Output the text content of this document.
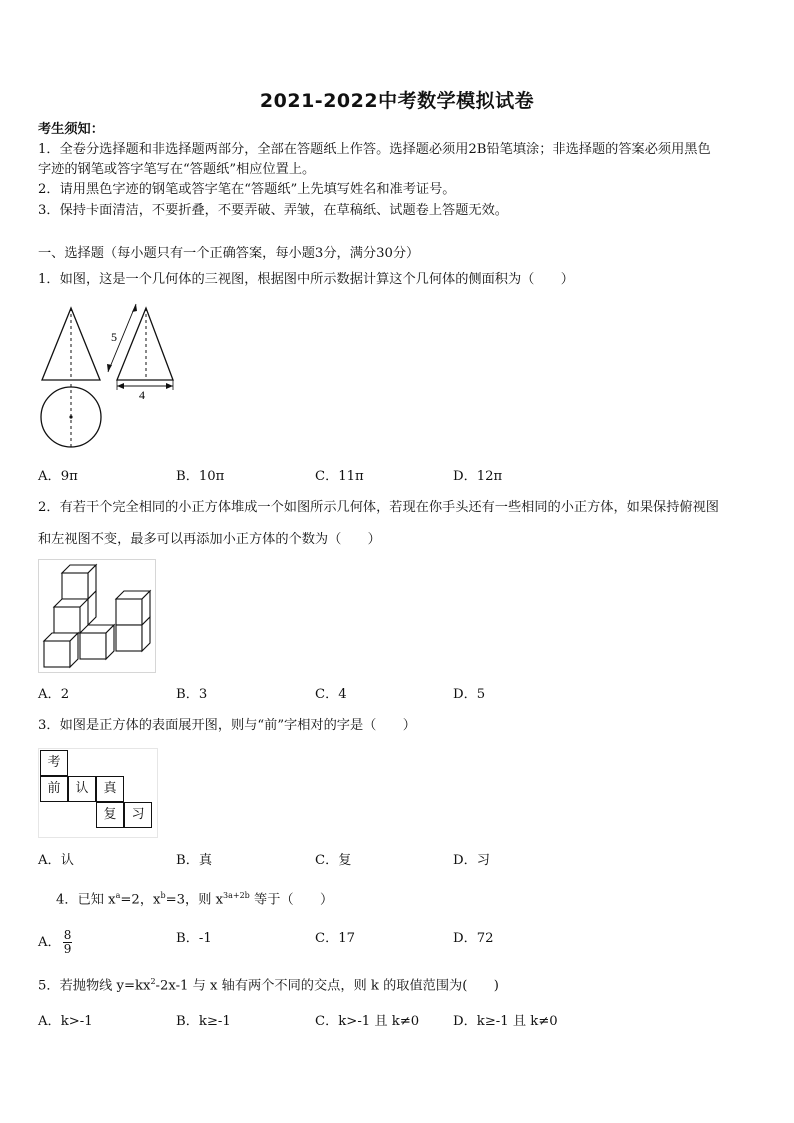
2021-2022中考数学模拟试卷
考生须知：
1．全卷分选择题和非选择题两部分，全部在答题纸上作答。选择题必须用2B铅笔填涂；非选择题的答案必须用黑色
字迹的钢笔或答字笔写在“答题纸”相应位置上。
2．请用黑色字迹的钢笔或答字笔在“答题纸”上先填写姓名和准考证号。
3．保持卡面清洁，不要折叠，不要弄破、弄皱，在草稿纸、试题卷上答题无效。
一、选择题（每小题只有一个正确答案，每小题3分，满分30分）
1．如图，这是一个几何体的三视图，根据图中所示数据计算这个几何体的侧面积为（　　）
5
4
A．9π	B．10π	C．11π	D．12π
2．有若干个完全相同的小正方体堆成一个如图所示几何体，若现在你手头还有一些相同的小正方体，如果保持俯视图
和左视图不变，最多可以再添加小正方体的个数为（　　）
A．2	B．3	C．4	D．5
3．如图是正方体的表面展开图，则与“前”字相对的字是（　　）
考
前	认	真
复	习
A．认	B．真	C．复	D．习
4．已知 $x^a=2$，$x^b=3$，则 $x^{3a+2b}$ 等于（　　）
A． $\frac{8}{9}$	B．-1	C．17	D．72
5．若抛物线 $y=kx^2-2x-1$ 与 x 轴有两个不同的交点，则 k 的取值范围为(　　)
A．k>-1	B．k≥-1	C．k>-1 且 k≠0	D．k≥-1 且 k≠0
